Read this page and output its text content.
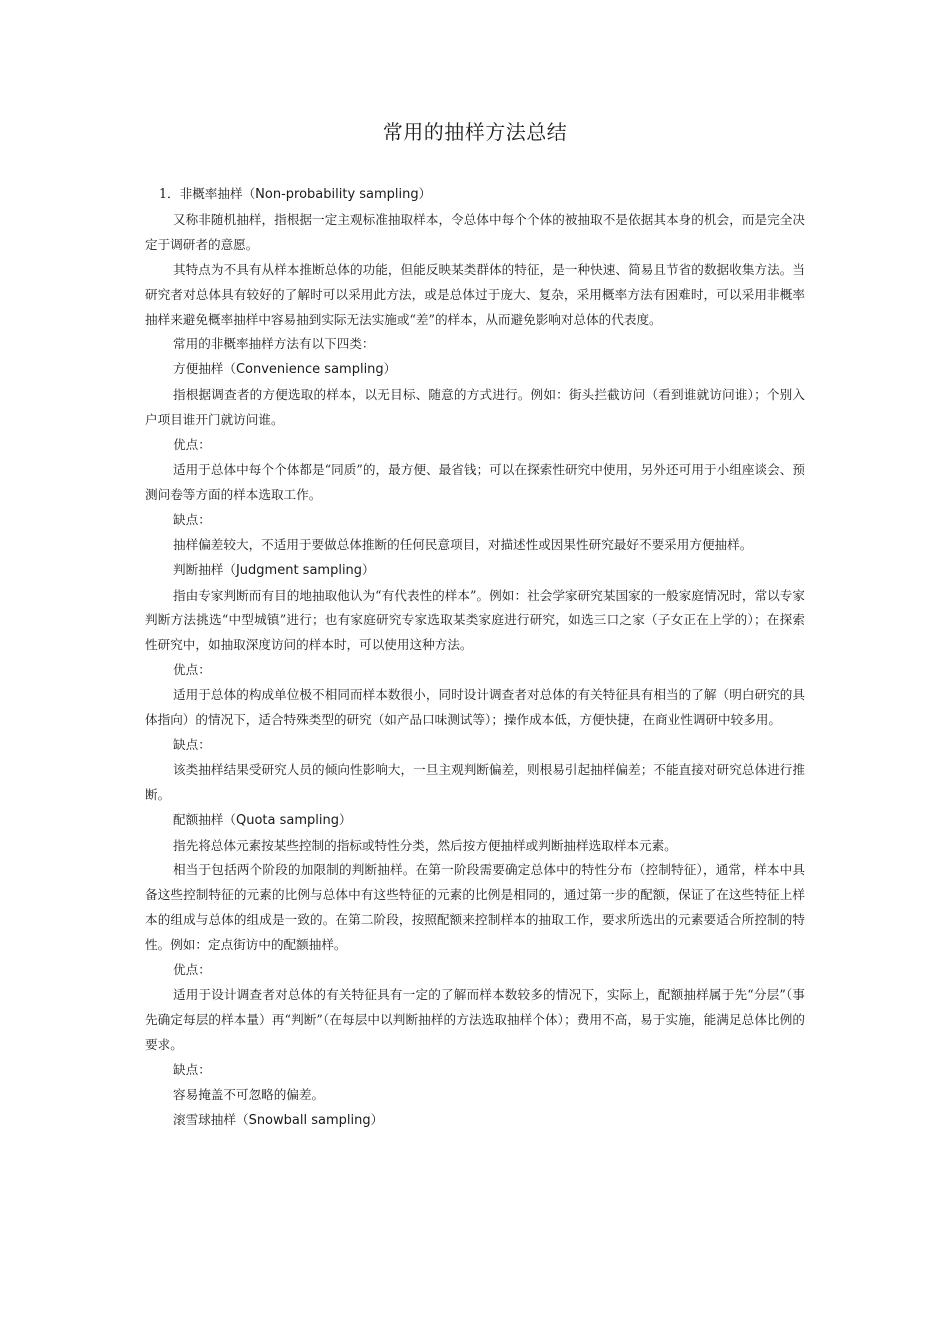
常用的抽样方法总结

1．非概率抽样（Non-probability sampling）

又称非随机抽样，指根据一定主观标准抽取样本，令总体中每个个体的被抽取不是依据其本身的机会，而是完全决定于调研者的意愿。

其特点为不具有从样本推断总体的功能，但能反映某类群体的特征，是一种快速、简易且节省的数据收集方法。当研究者对总体具有较好的了解时可以采用此方法，或是总体过于庞大、复杂，采用概率方法有困难时，可以采用非概率抽样来避免概率抽样中容易抽到实际无法实施或“差”的样本，从而避免影响对总体的代表度。

常用的非概率抽样方法有以下四类：

方便抽样（Convenience sampling）

指根据调查者的方便选取的样本，以无目标、随意的方式进行。例如：街头拦截访问（看到谁就访问谁）；个别入户项目谁开门就访问谁。

优点：

适用于总体中每个个体都是“同质”的，最方便、最省钱；可以在探索性研究中使用，另外还可用于小组座谈会、预测问卷等方面的样本选取工作。

缺点：

抽样偏差较大，不适用于要做总体推断的任何民意项目，对描述性或因果性研究最好不要采用方便抽样。

判断抽样（Judgment sampling）

指由专家判断而有目的地抽取他认为“有代表性的样本”。例如：社会学家研究某国家的一般家庭情况时，常以专家判断方法挑选“中型城镇”进行；也有家庭研究专家选取某类家庭进行研究，如选三口之家（子女正在上学的）；在探索性研究中，如抽取深度访问的样本时，可以使用这种方法。

优点：

适用于总体的构成单位极不相同而样本数很小，同时设计调查者对总体的有关特征具有相当的了解（明白研究的具体指向）的情况下，适合特殊类型的研究（如产品口味测试等）；操作成本低，方便快捷，在商业性调研中较多用。

缺点：

该类抽样结果受研究人员的倾向性影响大，一旦主观判断偏差，则根易引起抽样偏差；不能直接对研究总体进行推断。

配额抽样（Quota sampling）

指先将总体元素按某些控制的指标或特性分类，然后按方便抽样或判断抽样选取样本元素。

相当于包括两个阶段的加限制的判断抽样。在第一阶段需要确定总体中的特性分布（控制特征），通常，样本中具备这些控制特征的元素的比例与总体中有这些特征的元素的比例是相同的，通过第一步的配额，保证了在这些特征上样本的组成与总体的组成是一致的。在第二阶段，按照配额来控制样本的抽取工作，要求所选出的元素要适合所控制的特性。例如：定点街访中的配额抽样。

优点：

适用于设计调查者对总体的有关特征具有一定的了解而样本数较多的情况下，实际上，配额抽样属于先“分层”（事先确定每层的样本量）再“判断”（在每层中以判断抽样的方法选取抽样个体）；费用不高，易于实施，能满足总体比例的要求。

缺点：

容易掩盖不可忽略的偏差。

滚雪球抽样（Snowball sampling）
